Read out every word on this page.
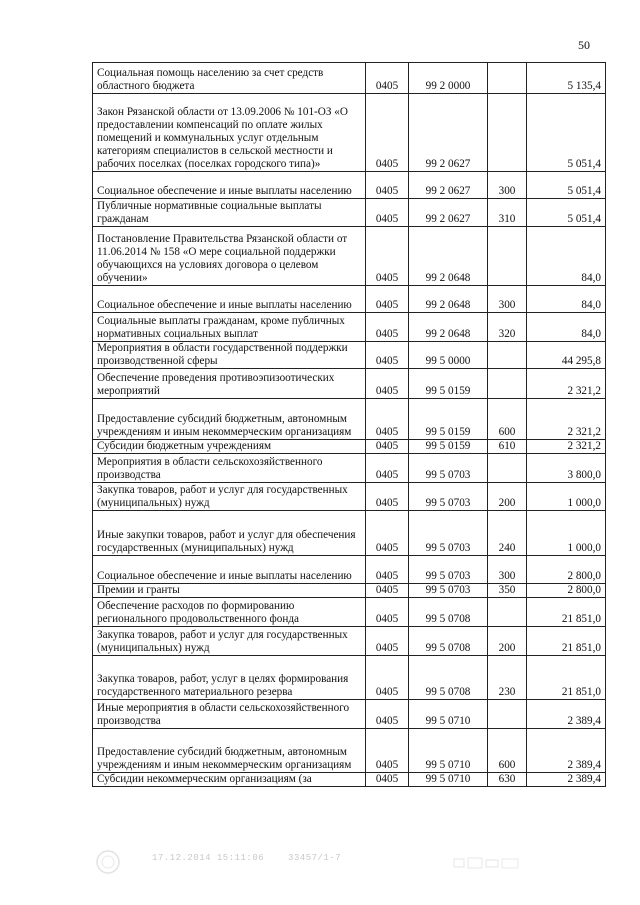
50
Социальная помощь населению за счет средств областного бюджета	0405	99 2 0000		5 135,4
Закон Рязанской области от 13.09.2006 № 101-ОЗ «О предоставлении компенсаций по оплате жилых помещений и коммунальных услуг отдельным категориям специалистов в сельской местности и рабочих поселках (поселках городского типа)»	0405	99 2 0627		5 051,4
Социальное обеспечение и иные выплаты населению	0405	99 2 0627	300	5 051,4
Публичные нормативные социальные выплаты гражданам	0405	99 2 0627	310	5 051,4
Постановление Правительства Рязанской области от 11.06.2014 № 158 «О мере социальной поддержки обучающихся на условиях договора о целевом обучении»	0405	99 2 0648		84,0
Социальное обеспечение и иные выплаты населению	0405	99 2 0648	300	84,0
Социальные выплаты гражданам, кроме публичных нормативных социальных выплат	0405	99 2 0648	320	84,0
Мероприятия в области государственной поддержки производственной сферы	0405	99 5 0000		44 295,8
Обеспечение проведения противоэпизоотических мероприятий	0405	99 5 0159		2 321,2
Предоставление субсидий бюджетным, автономным учреждениям и иным некоммерческим организациям	0405	99 5 0159	600	2 321,2
Субсидии бюджетным учреждениям	0405	99 5 0159	610	2 321,2
Мероприятия в области сельскохозяйственного производства	0405	99 5 0703		3 800,0
Закупка товаров, работ и услуг для государственных (муниципальных) нужд	0405	99 5 0703	200	1 000,0
Иные закупки товаров, работ и услуг для обеспечения государственных (муниципальных) нужд	0405	99 5 0703	240	1 000,0
Социальное обеспечение и иные выплаты населению	0405	99 5 0703	300	2 800,0
Премии и гранты	0405	99 5 0703	350	2 800,0
Обеспечение расходов по формированию регионального продовольственного фонда	0405	99 5 0708		21 851,0
Закупка товаров, работ и услуг для государственных (муниципальных) нужд	0405	99 5 0708	200	21 851,0
Закупка товаров, работ, услуг в целях формирования государственного материального резерва	0405	99 5 0708	230	21 851,0
Иные мероприятия в области сельскохозяйственного производства	0405	99 5 0710		2 389,4
Предоставление субсидий бюджетным, автономным учреждениям и иным некоммерческим организациям	0405	99 5 0710	600	2 389,4
Субсидии некоммерческим организациям (за	0405	99 5 0710	630	2 389,4
17.12.2014 15:11:06	33457/1-7
